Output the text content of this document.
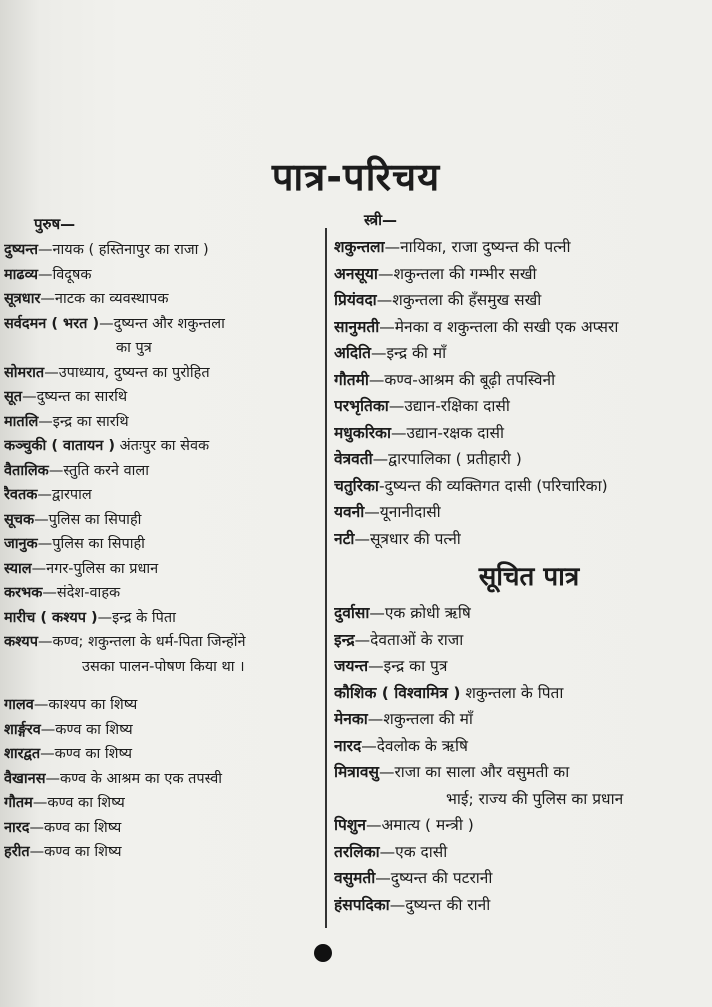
पात्र-परिचय
पुरुष—
दुष्यन्त—नायक ( हस्तिनापुर का राजा )
माढव्य—विदूषक
सूत्रधार—नाटक का व्यवस्थापक
सर्वदमन ( भरत )—दुष्यन्त और शकुन्तला
का पुत्र
सोमरात—उपाध्याय, दुष्यन्त का पुरोहित
सूत—दुष्यन्त का सारथि
मातलि—इन्द्र का सारथि
कञ्चुकी ( वातायन ) अंतःपुर का सेवक
वैतालिक—स्तुति करने वाला
रैवतक—द्वारपाल
सूचक—पुलिस का सिपाही
जानुक—पुलिस का सिपाही
स्याल—नगर-पुलिस का प्रधान
करभक—संदेश-वाहक
मारीच ( कश्यप )—इन्द्र के पिता
कश्यप—कण्व; शकुन्तला के धर्म-पिता जिन्होंने
उसका पालन-पोषण किया था ।
गालव—काश्यप का शिष्य
शार्ङ्गरव—कण्व का शिष्य
शारद्वत—कण्व का शिष्य
वैखानस—कण्व के आश्रम का एक तपस्वी
गौतम—कण्व का शिष्य
नारद—कण्व का शिष्य
हरीत—कण्व का शिष्य
स्त्री—
शकुन्तला—नायिका, राजा दुष्यन्त की पत्नी
अनसूया—शकुन्तला की गम्भीर सखी
प्रियंवदा—शकुन्तला की हँसमुख सखी
सानुमती—मेनका व शकुन्तला की सखी एक अप्सरा
अदिति—इन्द्र की माँ
गौतमी—कण्व-आश्रम की बूढ़ी तपस्विनी
परभृतिका—उद्यान-रक्षिका दासी
मधुकरिका—उद्यान-रक्षक दासी
वेत्रवती—द्वारपालिका ( प्रतीहारी )
चतुरिका-दुष्यन्त की व्यक्तिगत दासी (परिचारिका)
यवनी—यूनानीदासी
नटी—सूत्रधार की पत्नी
सूचित पात्र
दुर्वासा—एक क्रोधी ऋषि
इन्द्र—देवताओं के राजा
जयन्त—इन्द्र का पुत्र
कौशिक ( विश्वामित्र ) शकुन्तला के पिता
मेनका—शकुन्तला की माँ
नारद—देवलोक के ऋषि
मित्रावसु—राजा का साला और वसुमती का
भाई; राज्य की पुलिस का प्रधान
पिशुन—अमात्य ( मन्त्री )
तरलिका—एक दासी
वसुमती—दुष्यन्त की पटरानी
हंसपदिका—दुष्यन्त की रानी
